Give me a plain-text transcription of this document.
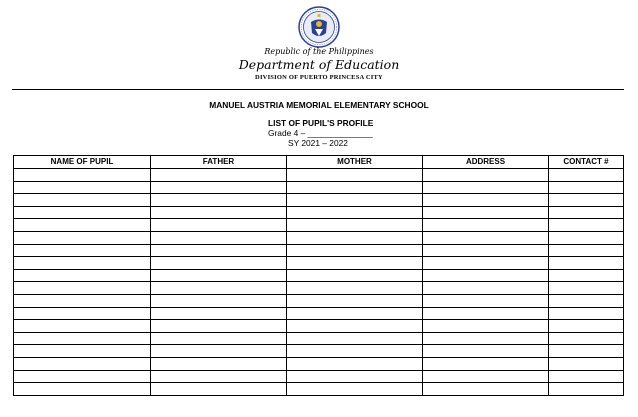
Republic of the Philippines
Department of Education
DIVISION OF PUERTO PRINCESA CITY
MANUEL AUSTRIA MEMORIAL ELEMENTARY SCHOOL
LIST OF PUPIL'S PROFILE
Grade 4 – ______________
SY 2021 – 2022
NAME OF PUPIL	FATHER	MOTHER	ADDRESS	CONTACT #
